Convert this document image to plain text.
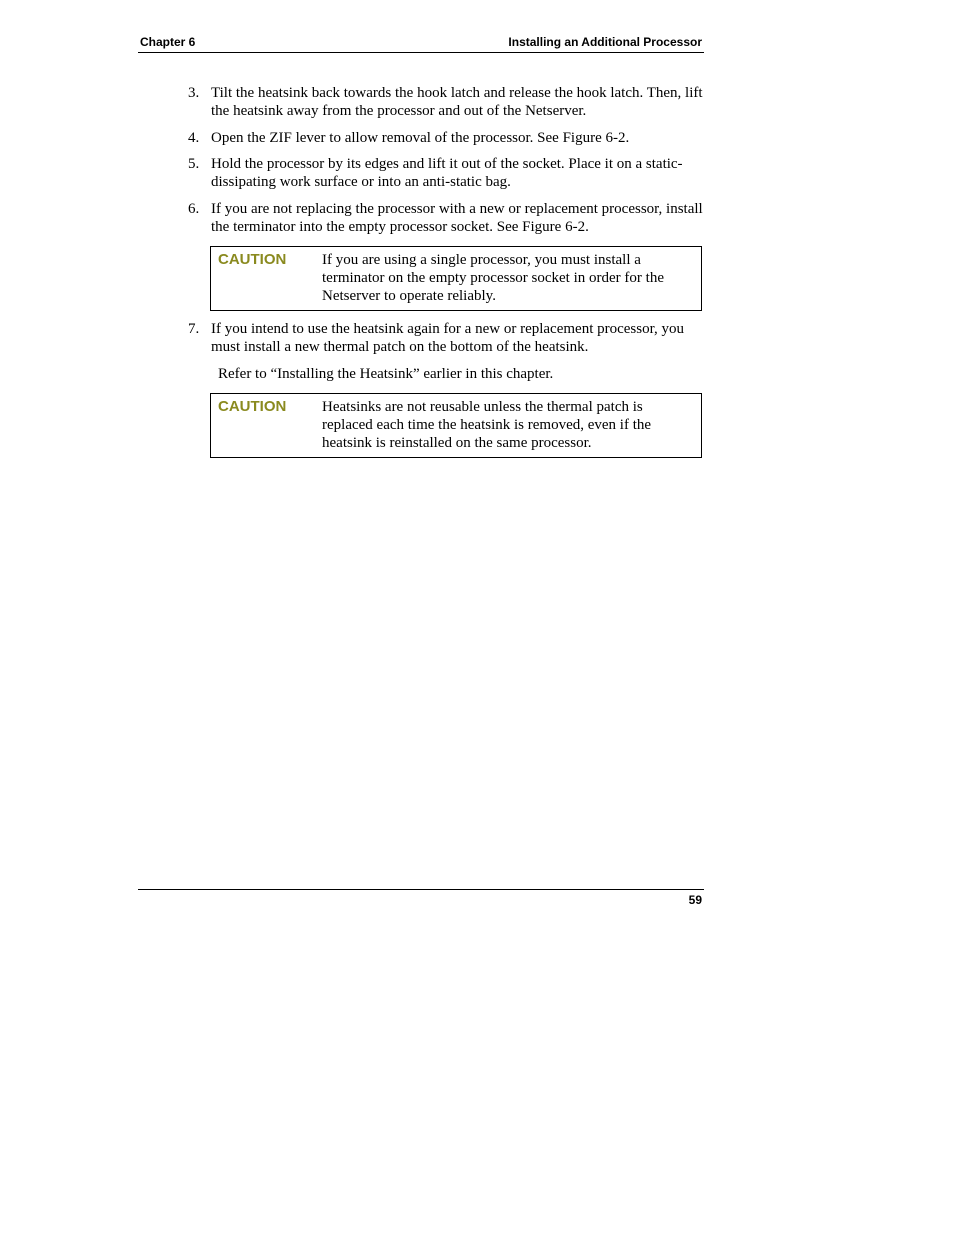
Chapter 6	Installing an Additional Processor
3. Tilt the heatsink back towards the hook latch and release the hook latch. Then, lift the heatsink away from the processor and out of the Netserver.
4. Open the ZIF lever to allow removal of the processor. See Figure 6-2.
5. Hold the processor by its edges and lift it out of the socket. Place it on a static-dissipating work surface or into an anti-static bag.
6. If you are not replacing the processor with a new or replacement processor, install the terminator into the empty processor socket. See Figure 6-2.
CAUTION If you are using a single processor, you must install a terminator on the empty processor socket in order for the Netserver to operate reliably.
7. If you intend to use the heatsink again for a new or replacement processor, you must install a new thermal patch on the bottom of the heatsink.
Refer to “Installing the Heatsink” earlier in this chapter.
CAUTION Heatsinks are not reusable unless the thermal patch is replaced each time the heatsink is removed, even if the heatsink is reinstalled on the same processor.
59
